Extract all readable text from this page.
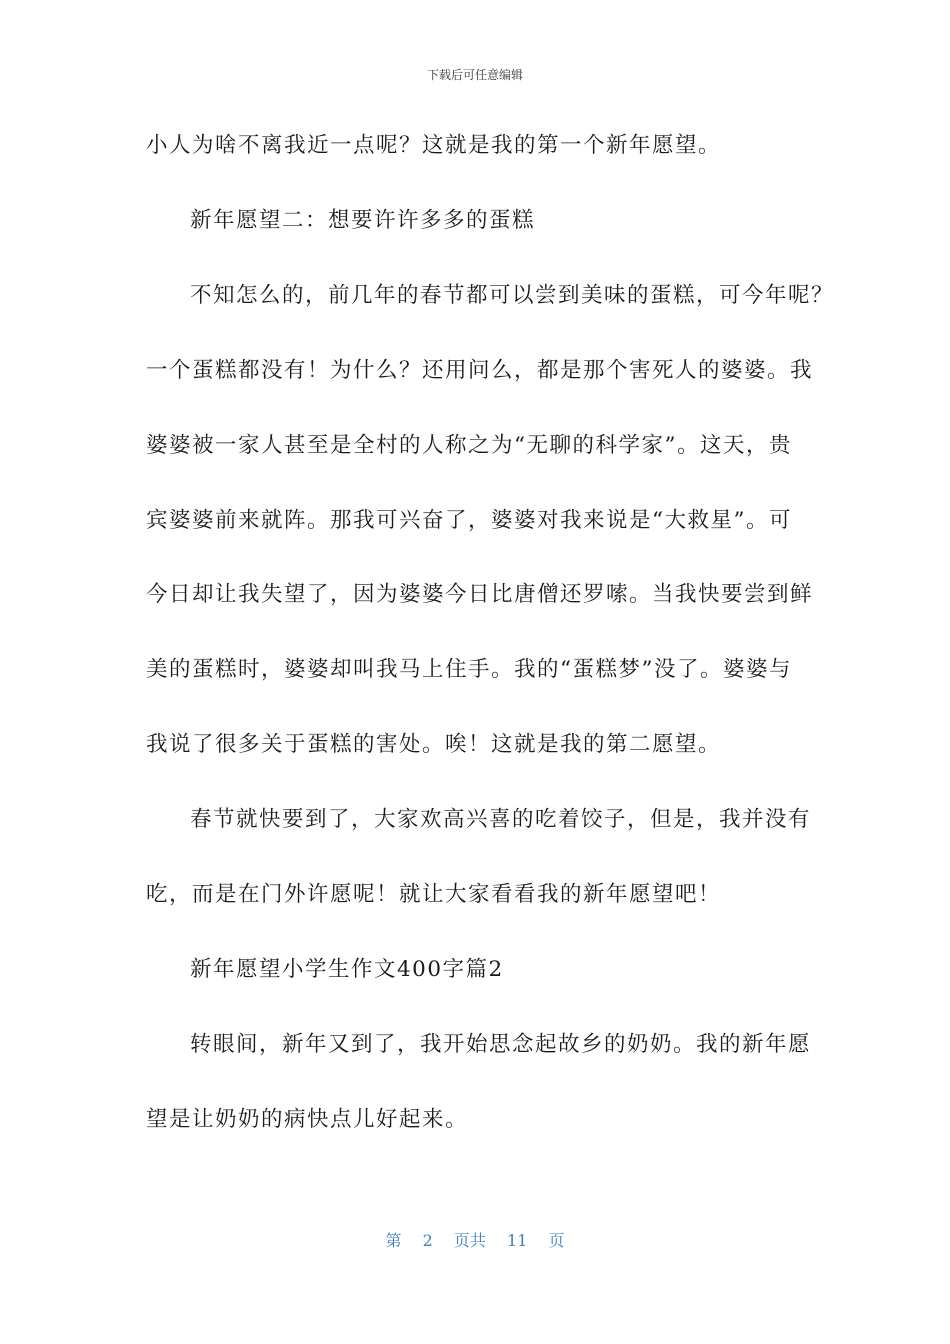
下载后可任意编辑
小人为啥不离我近一点呢？这就是我的第一个新年愿望。
新年愿望二：想要许许多多的蛋糕
不知怎么的，前几年的春节都可以尝到美味的蛋糕，可今年呢？
一个蛋糕都没有！为什么？还用问么，都是那个害死人的婆婆。我
婆婆被一家人甚至是全村的人称之为“无聊的科学家”。这天，贵
宾婆婆前来就阵。那我可兴奋了，婆婆对我来说是“大救星”。可
今日却让我失望了，因为婆婆今日比唐僧还罗嗦。当我快要尝到鲜
美的蛋糕时，婆婆却叫我马上住手。我的“蛋糕梦”没了。婆婆与
我说了很多关于蛋糕的害处。唉！这就是我的第二愿望。
春节就快要到了，大家欢高兴喜的吃着饺子，但是，我并没有
吃，而是在门外许愿呢！就让大家看看我的新年愿望吧！
新年愿望小学生作文400字篇2
转眼间，新年又到了，我开始思念起故乡的奶奶。我的新年愿
望是让奶奶的病快点儿好起来。
第 2 页共 11 页
